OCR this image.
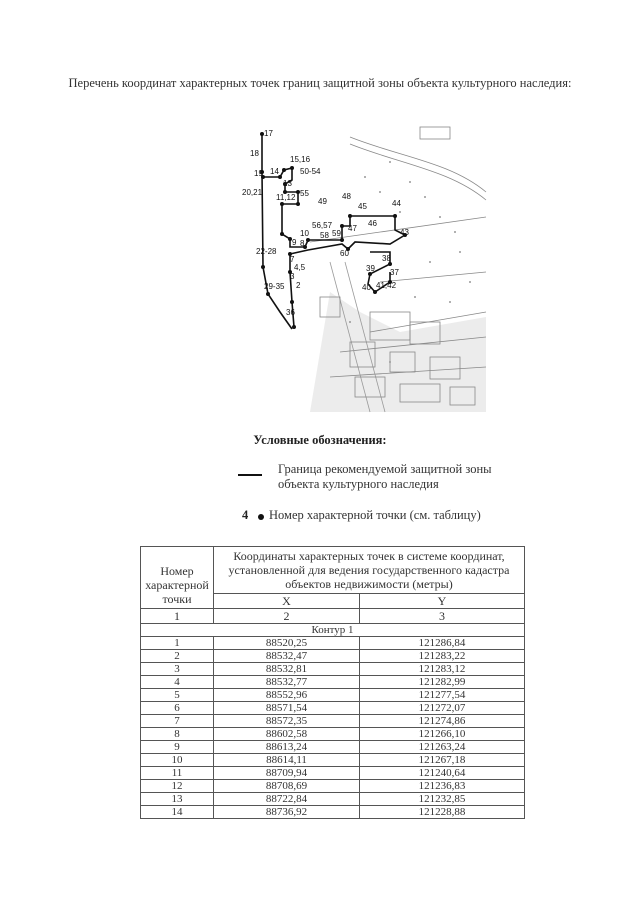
Перечень координат характерных точек границ защитной зоны объекта культурного наследия:
17
18
14
15,16
19	50-54
13
20,21	55
11,12	48
49
45	44
56,57	46
47
10 58 59	43
9 8
60
22-28
38
7
39
4,5
37
3
29-35	40 41,42
2
36
Условные обозначения:
Граница рекомендуемой защитной зоны объекта культурного наследия
4 Номер характерной точки (см. таблицу)
Номер характерной точки	Координаты характерных точек в системе координат, установленной для ведения государственного кадастра объектов недвижимости (метры)	
	X	Y
1	2	3
Контур 1		
1	88520,25	121286,84
2	88532,47	121283,22
3	88532,81	121283,12
4	88532,77	121282,99
5	88552,96	121277,54
6	88571,54	121272,07
7	88572,35	121274,86
8	88602,58	121266,10
9	88613,24	121263,24
10	88614,11	121267,18
11	88709,94	121240,64
12	88708,69	121236,83
13	88722,84	121232,85
14	88736,92	121228,88
